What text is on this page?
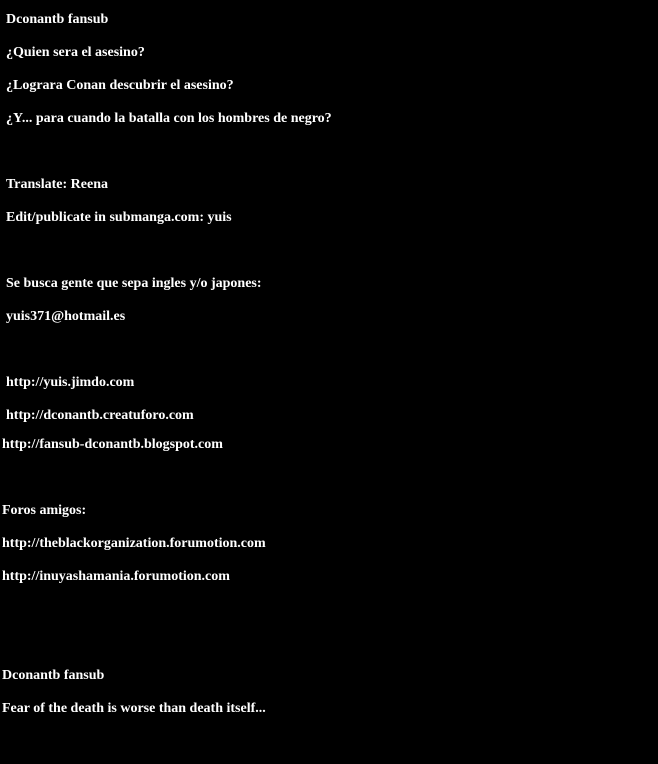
Dconantb fansub
¿Quien sera el asesino?
¿Lograra Conan descubrir el asesino?
¿Y... para cuando la batalla con los hombres de negro?
Translate: Reena
Edit/publicate in submanga.com: yuis
Se busca gente que sepa ingles y/o japones:
yuis371@hotmail.es
http://yuis.jimdo.com
http://dconantb.creatuforo.com
http://fansub-dconantb.blogspot.com
Foros amigos:
http://theblackorganization.forumotion.com
http://inuyashamania.forumotion.com
Dconantb fansub
Fear of the death is worse than death itself...
